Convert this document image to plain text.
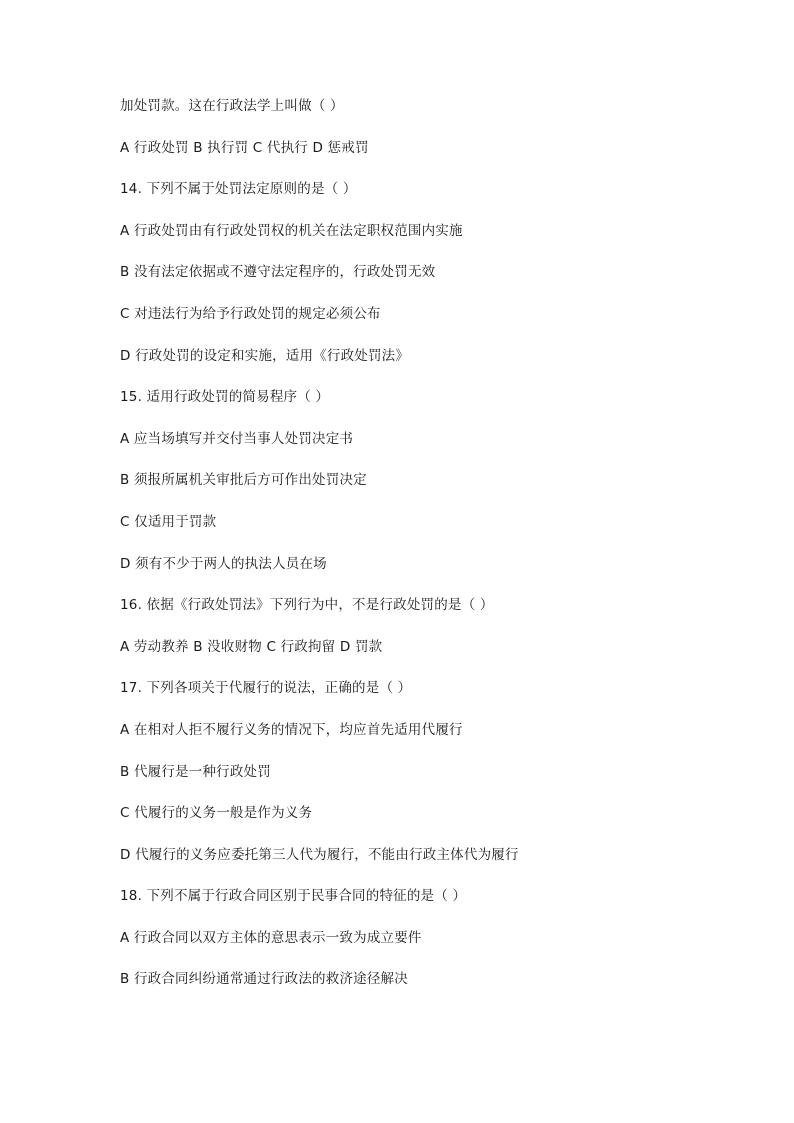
加处罚款。这在行政法学上叫做（ ）
A 行政处罚 B 执行罚 C 代执行 D 惩戒罚
14. 下列不属于处罚法定原则的是（ ）
A 行政处罚由有行政处罚权的机关在法定职权范围内实施
B 没有法定依据或不遵守法定程序的，行政处罚无效
C 对违法行为给予行政处罚的规定必须公布
D 行政处罚的设定和实施，适用《行政处罚法》
15. 适用行政处罚的简易程序（ ）
A 应当场填写并交付当事人处罚决定书
B 须报所属机关审批后方可作出处罚决定
C 仅适用于罚款
D 须有不少于两人的执法人员在场
16. 依据《行政处罚法》下列行为中，不是行政处罚的是（ ）
A 劳动教养 B 没收财物 C 行政拘留 D 罚款
17. 下列各项关于代履行的说法，正确的是（ ）
A 在相对人拒不履行义务的情况下，均应首先适用代履行
B 代履行是一种行政处罚
C 代履行的义务一般是作为义务
D 代履行的义务应委托第三人代为履行，不能由行政主体代为履行
18. 下列不属于行政合同区别于民事合同的特征的是（ ）
A 行政合同以双方主体的意思表示一致为成立要件
B 行政合同纠纷通常通过行政法的救济途径解决
